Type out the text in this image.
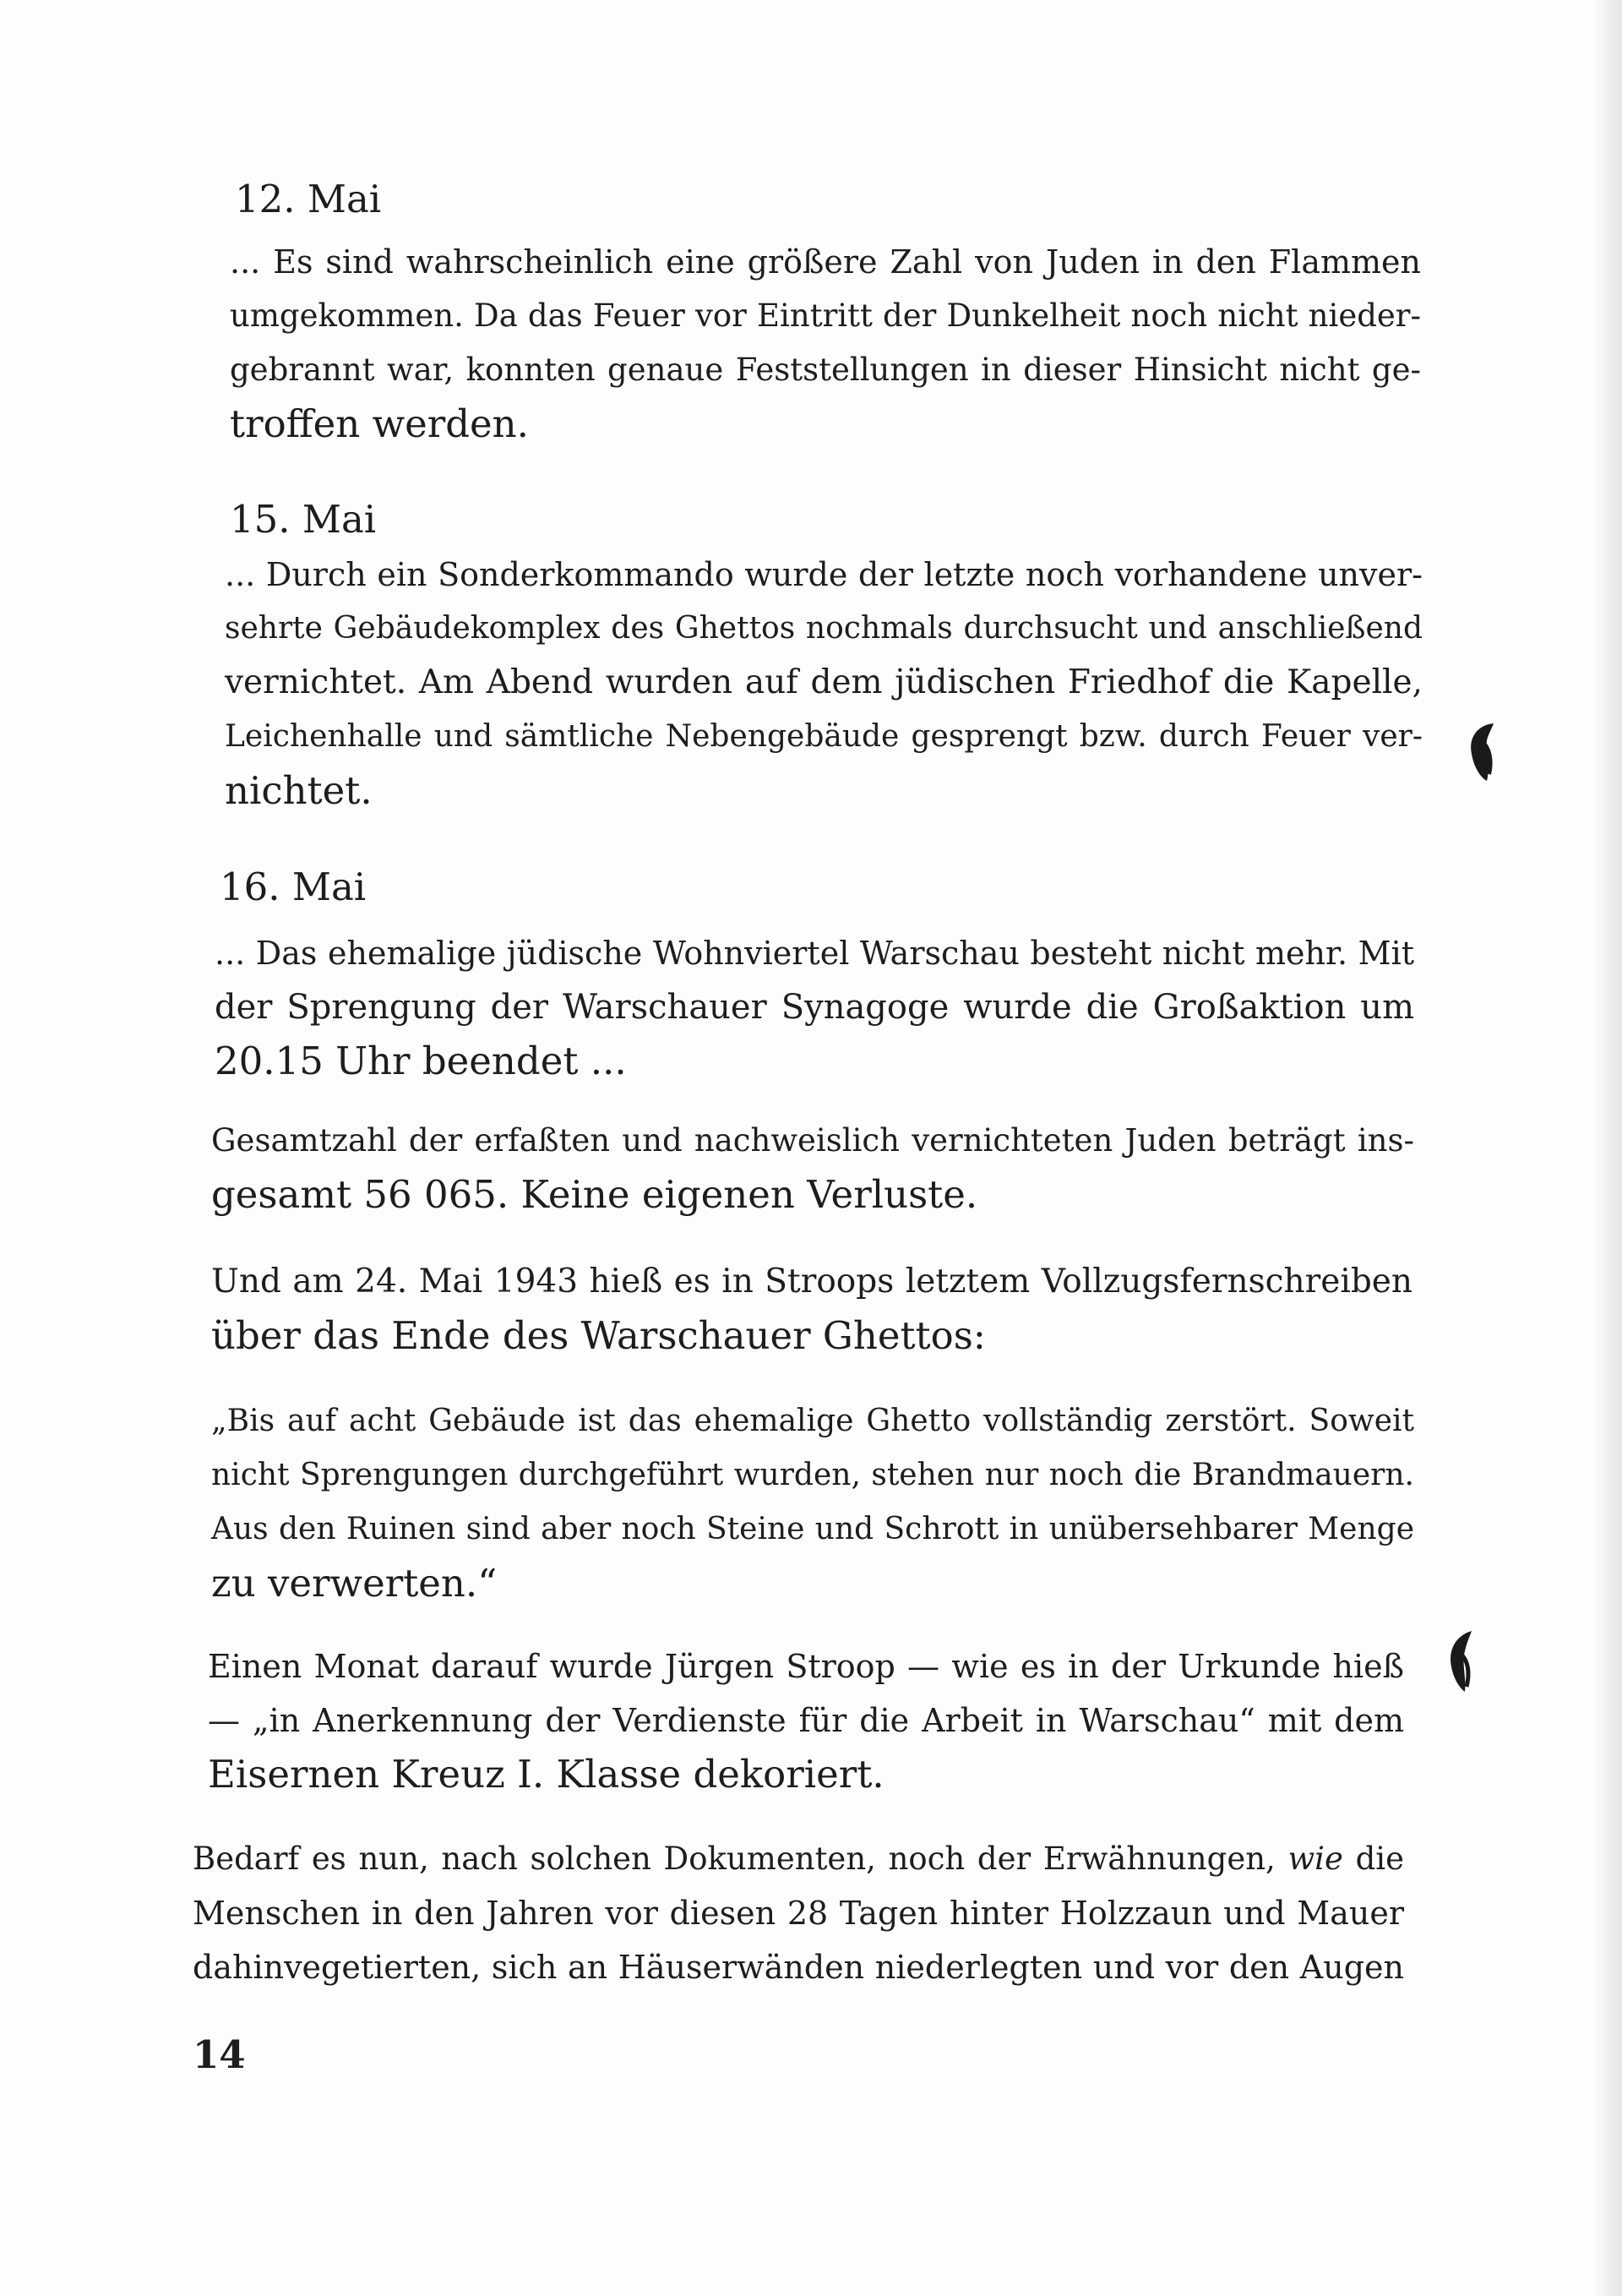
12. Mai
... Es sind wahrscheinlich eine größere Zahl von Juden in den Flammen
umgekommen. Da das Feuer vor Eintritt der Dunkelheit noch nicht nieder-
gebrannt war, konnten genaue Feststellungen in dieser Hinsicht nicht ge-
troffen werden.
15. Mai
... Durch ein Sonderkommando wurde der letzte noch vorhandene unver-
sehrte Gebäudekomplex des Ghettos nochmals durchsucht und anschließend
vernichtet. Am Abend wurden auf dem jüdischen Friedhof die Kapelle,
Leichenhalle und sämtliche Nebengebäude gesprengt bzw. durch Feuer ver-
nichtet.
16. Mai
... Das ehemalige jüdische Wohnviertel Warschau besteht nicht mehr. Mit
der Sprengung der Warschauer Synagoge wurde die Großaktion um
20.15 Uhr beendet ...
Gesamtzahl der erfaßten und nachweislich vernichteten Juden beträgt ins-
gesamt 56 065. Keine eigenen Verluste.
Und am 24. Mai 1943 hieß es in Stroops letztem Vollzugsfernschreiben
über das Ende des Warschauer Ghettos:
„Bis auf acht Gebäude ist das ehemalige Ghetto vollständig zerstört. Soweit
nicht Sprengungen durchgeführt wurden, stehen nur noch die Brandmauern.
Aus den Ruinen sind aber noch Steine und Schrott in unübersehbarer Menge
zu verwerten.“
Einen Monat darauf wurde Jürgen Stroop — wie es in der Urkunde hieß
— „in Anerkennung der Verdienste für die Arbeit in Warschau“ mit dem
Eisernen Kreuz I. Klasse dekoriert.
Bedarf es nun, nach solchen Dokumenten, noch der Erwähnungen, wie die
Menschen in den Jahren vor diesen 28 Tagen hinter Holzzaun und Mauer
dahinvegetierten, sich an Häuserwänden niederlegten und vor den Augen
14
